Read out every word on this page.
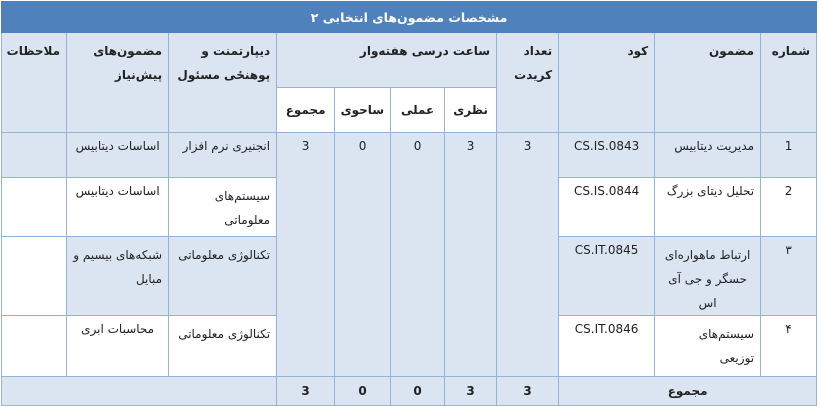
مشخصات مضمون‌های انتخابی ۲										
شماره	مضمون	کود	تعداد کریدت	ساعت درسی هفته‌وار				دیپارتمنت و پوهنځی مسئول	مضمون‌های پیش‌نیاز	ملاحظات
				نظری	عملی	ساحوی	مجموع			
1	مدیریت دیتابیس	CS.IS.0843	3	3	0	0	3	انجنیری نرم افزار	اساسات دیتابیس	
2	تحلیل دیتای بزرگ	CS.IS.0844						سیستم‌های معلوماتی	اساسات دیتابیس	
۳	ارتباط ماهواره‌ای حسگر و جی آی اس	CS.IT.0845						تکنالوژی معلوماتی	شبکه‌های بیسیم و مبایل	
۴	سیستم‌های توزیعی	CS.IT.0846						تکنالوژی معلوماتی	محاسبات ابری	
مجموع			3	3	0	0	3			
